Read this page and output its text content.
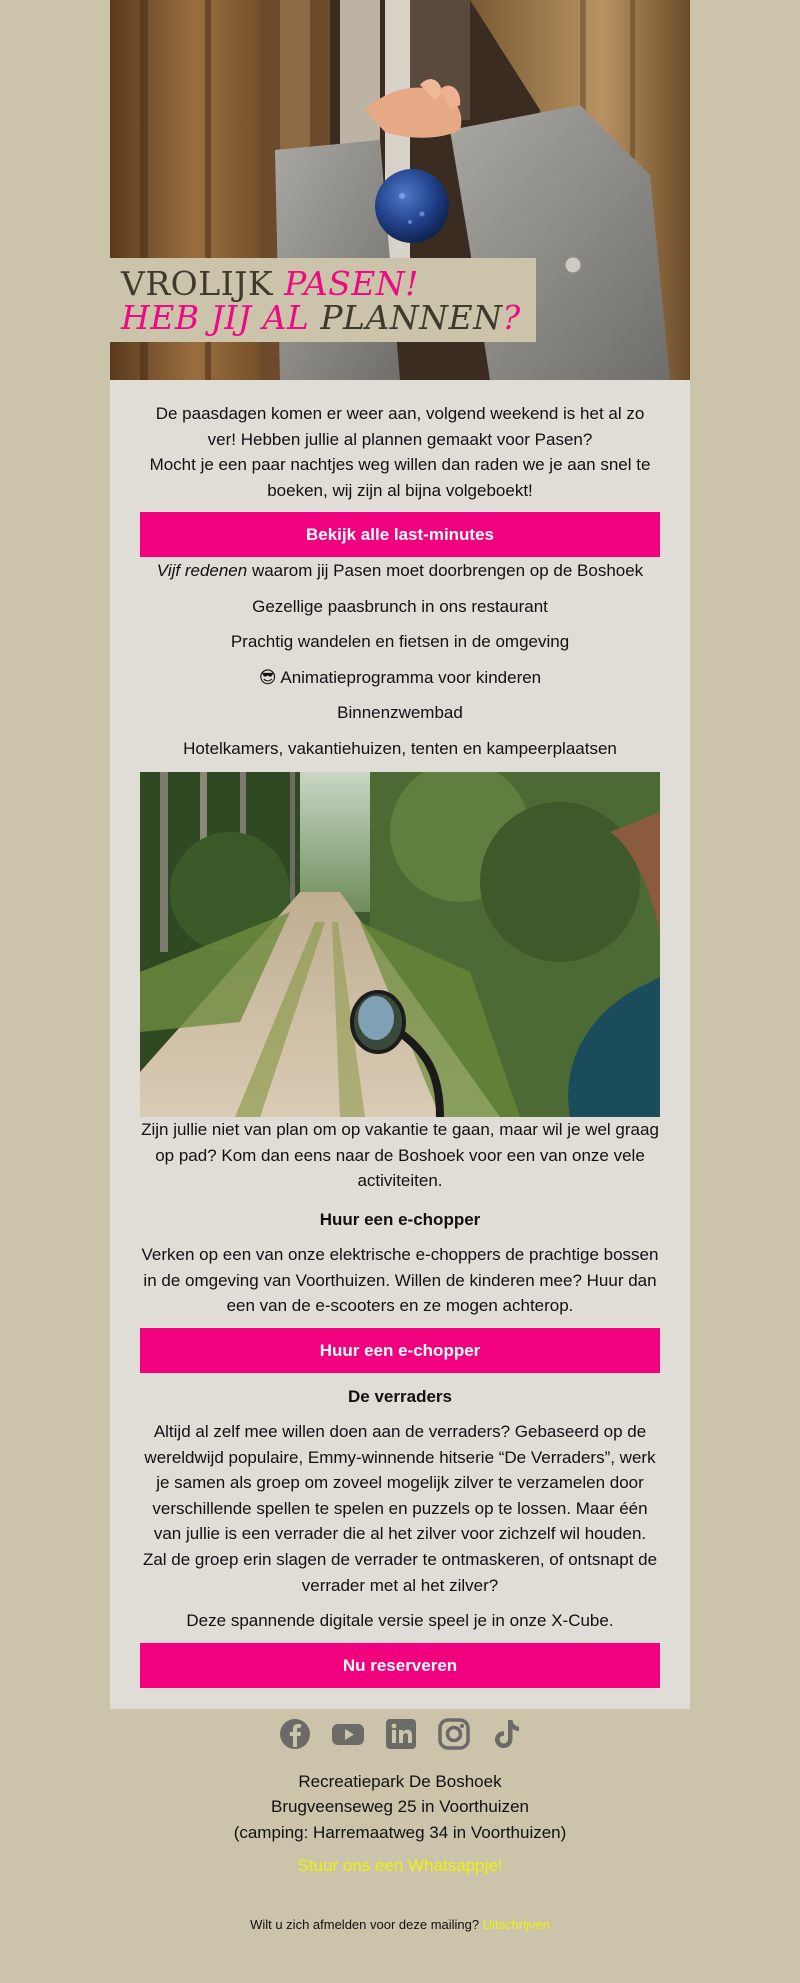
VROLIJK PASEN!
HEB JIJ AL PLANNEN?

De paasdagen komen er weer aan, volgend weekend is het al zo ver! Hebben jullie al plannen gemaakt voor Pasen?

Mocht je een paar nachtjes weg willen dan raden we je aan snel te boeken, wij zijn al bijna volgeboekt!

Bekijk alle last-minutes
Vijf redenen waarom jij Pasen moet doorbrengen op de Boshoek
Gezellige paasbrunch in ons restaurant
Prachtig wandelen en fietsen in de omgeving
😎 Animatieprogramma voor kinderen
Binnenzwembad
Hotelkamers, vakantiehuizen, tenten en kampeerplaatsen

Zijn jullie niet van plan om op vakantie te gaan, maar wil je wel graag op pad? Kom dan eens naar de Boshoek voor een van onze vele activiteiten.

Huur een e-chopper

Verken op een van onze elektrische e-choppers de prachtige bossen in de omgeving van Voorthuizen. Willen de kinderen mee? Huur dan een van de e-scooters en ze mogen achterop.

Huur een e-chopper
De verraders

Altijd al zelf mee willen doen aan de verraders? Gebaseerd op de wereldwijd populaire, Emmy-winnende hitserie “De Verraders”, werk je samen als groep om zoveel mogelijk zilver te verzamelen door verschillende spellen te spelen en puzzels op te lossen. Maar één van jullie is een verrader die al het zilver voor zichzelf wil houden. Zal de groep erin slagen de verrader te ontmaskeren, of ontsnapt de verrader met al het zilver?

Deze spannende digitale versie speel je in onze X-Cube.

Nu reserveren
Recreatiepark De Boshoek
Brugveenseweg 25 in Voorthuizen
(camping: Harremaatweg 34 in Voorthuizen)
Stuur ons een Whatsappje!
Wilt u zich afmelden voor deze mailing? Uitschrijven
